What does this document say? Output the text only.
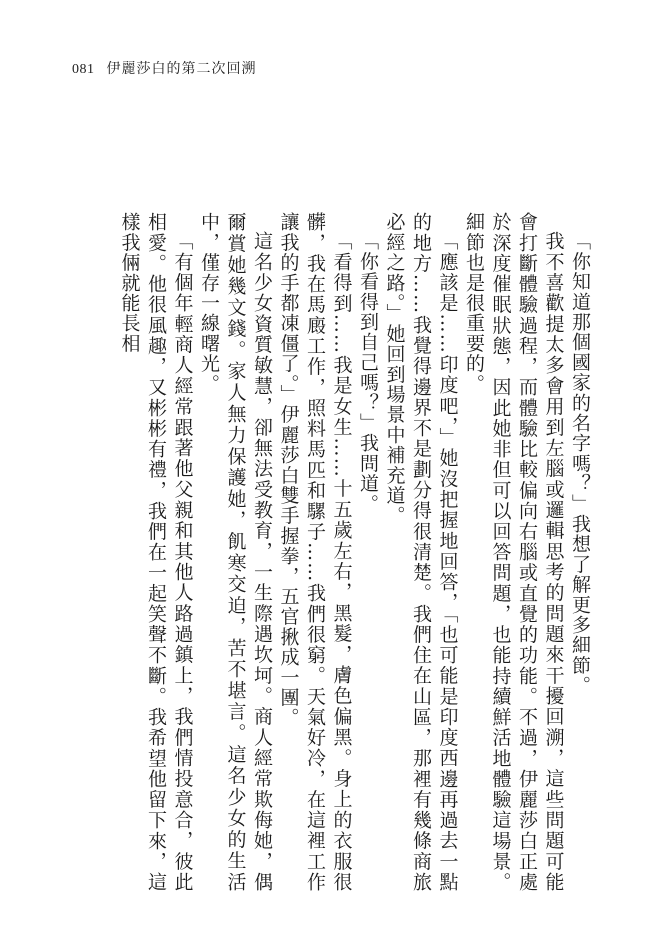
081 伊麗莎白的第二次回溯

「你知道那個國家的名字嗎？」我想了解更多細節。

我不喜歡提太多會用到左腦或邏輯思考的問題來干擾回溯，這些問題可能會打斷體驗過程，而體驗比較偏向右腦或直覺的功能。不過，伊麗莎白正處於深度催眠狀態，因此她非但可以回答問題，也能持續鮮活地體驗這場景。細節也是很重要的。

「應該是……印度吧，」她沒把握地回答，「也可能是印度西邊再過去一點的地方……我覺得邊界不是劃分得很清楚。我們住在山區，那裡有幾條商旅必經之路。」她回到場景中補充道。

「你看得到自己嗎？」我問道。

「看得到……我是女生……十五歲左右，黑髮，膚色偏黑。身上的衣服很髒，我在馬廄工作，照料馬匹和騾子……我們很窮。天氣好冷，在這裡工作讓我的手都凍僵了。」伊麗莎白雙手握拳，五官揪成一團。

這名少女資質敏慧，卻無法受教育，一生際遇坎坷。商人經常欺侮她，偶爾賞她幾文錢。家人無力保護她，飢寒交迫，苦不堪言。這名少女的生活中，僅存一線曙光。

「有個年輕商人經常跟著他父親和其他人路過鎮上，我們情投意合，彼此相愛。他很風趣，又彬彬有禮，我們在一起笑聲不斷。我希望他留下來，這樣我倆就能長相
